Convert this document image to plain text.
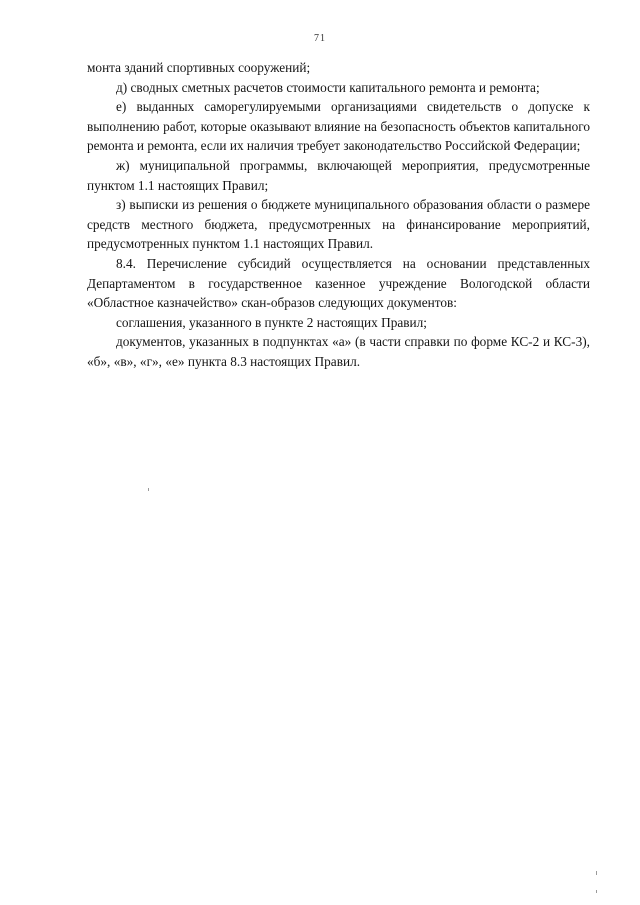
71

монта зданий спортивных сооружений;

д) сводных сметных расчетов стоимости капитального ремонта и ремонта;

е) выданных саморегулируемыми организациями свидетельств о допуске к выполнению работ, которые оказывают влияние на безопасность объектов капитального ремонта и ремонта, если их наличия требует законодательство Российской Федерации;

ж) муниципальной программы, включающей мероприятия, предусмотренные пунктом 1.1 настоящих Правил;

з) выписки из решения о бюджете муниципального образования области о размере средств местного бюджета, предусмотренных на финансирование мероприятий, предусмотренных пунктом 1.1 настоящих Правил.

8.4. Перечисление субсидий осуществляется на основании представленных Департаментом в государственное казенное учреждение Вологодской области «Областное казначейство» скан-образов следующих документов:

соглашения, указанного в пункте 2 настоящих Правил;

документов, указанных в подпунктах «а» (в части справки по форме КС-2 и КС-3), «б», «в», «г», «е» пункта 8.3 настоящих Правил.
